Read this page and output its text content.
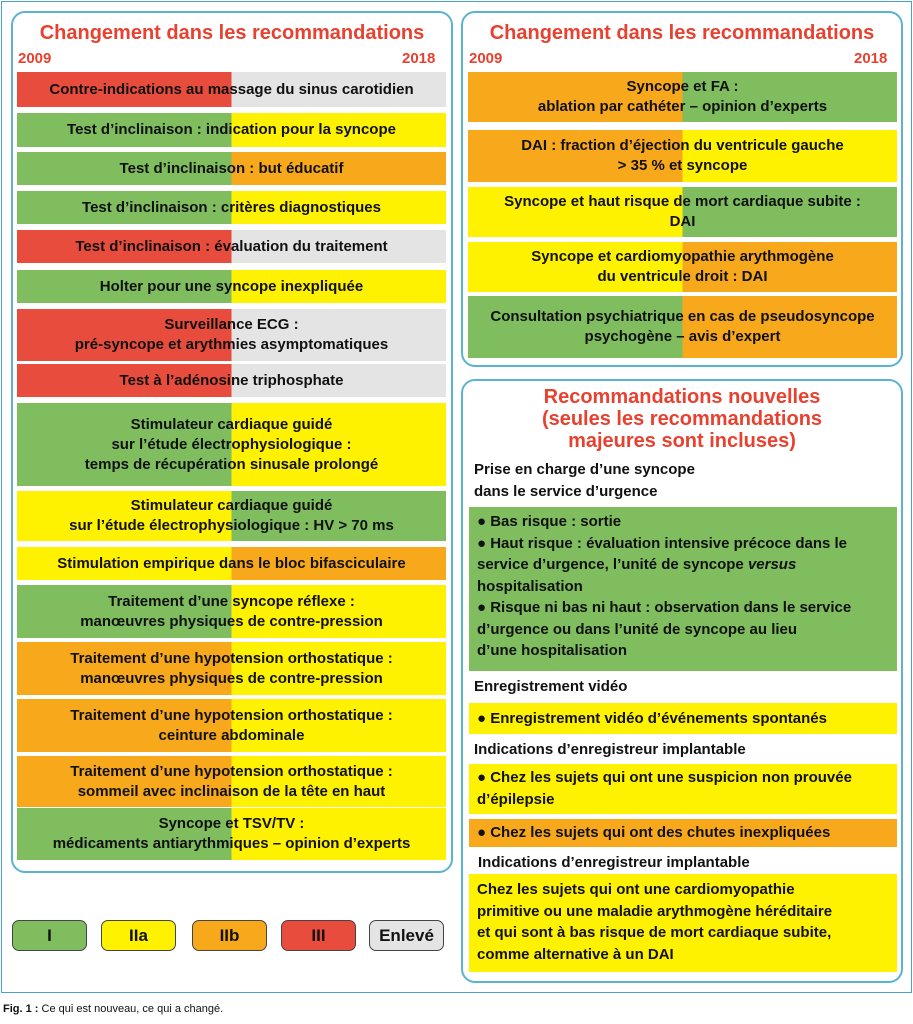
Changement dans les recommandations
2009	2018
Contre-indications au massage du sinus carotidien
Test d’inclinaison : indication pour la syncope
Test d’inclinaison : but éducatif
Test d’inclinaison : critères diagnostiques
Test d’inclinaison : évaluation du traitement
Holter pour une syncope inexpliquée
Surveillance ECG :
pré-syncope et arythmies asymptomatiques
Test à l’adénosine triphosphate
Stimulateur cardiaque guidé
sur l’étude électrophysiologique :
temps de récupération sinusale prolongé
Stimulateur cardiaque guidé
sur l’étude électrophysiologique : HV > 70 ms
Stimulation empirique dans le bloc bifasciculaire
Traitement d’une syncope réflexe :
manœuvres physiques de contre-pression
Traitement d’une hypotension orthostatique :
manœuvres physiques de contre-pression
Traitement d’une hypotension orthostatique :
ceinture abdominale
Traitement d’une hypotension orthostatique :
sommeil avec inclinaison de la tête en haut
Syncope et TSV/TV :
médicaments antiarythmiques – opinion d’experts
Changement dans les recommandations
2009	2018
Syncope et FA :
ablation par cathéter – opinion d’experts
DAI : fraction d’éjection du ventricule gauche
> 35 % et syncope
Syncope et haut risque de mort cardiaque subite :
DAI
Syncope et cardiomyopathie arythmogène
du ventricule droit : DAI
Consultation psychiatrique en cas de pseudosyncope
psychogène – avis d’expert
Recommandations nouvelles
(seules les recommandations
majeures sont incluses)
Prise en charge d’une syncope
dans le service d’urgence
● Bas risque : sortie
● Haut risque : évaluation intensive précoce dans le
service d’urgence, l’unité de syncope versus
hospitalisation
● Risque ni bas ni haut : observation dans le service
d’urgence ou dans l’unité de syncope au lieu
d’une hospitalisation
Enregistrement vidéo
● Enregistrement vidéo d’événements spontanés
Indications d’enregistreur implantable
● Chez les sujets qui ont une suspicion non prouvée
d’épilepsie
● Chez les sujets qui ont des chutes inexpliquées
Indications d’enregistreur implantable
Chez les sujets qui ont une cardiomyopathie
primitive ou une maladie arythmogène héréditaire
et qui sont à bas risque de mort cardiaque subite,
comme alternative à un DAI
I	IIa	IIb	III	Enlevé
Fig. 1 : Ce qui est nouveau, ce qui a changé.
